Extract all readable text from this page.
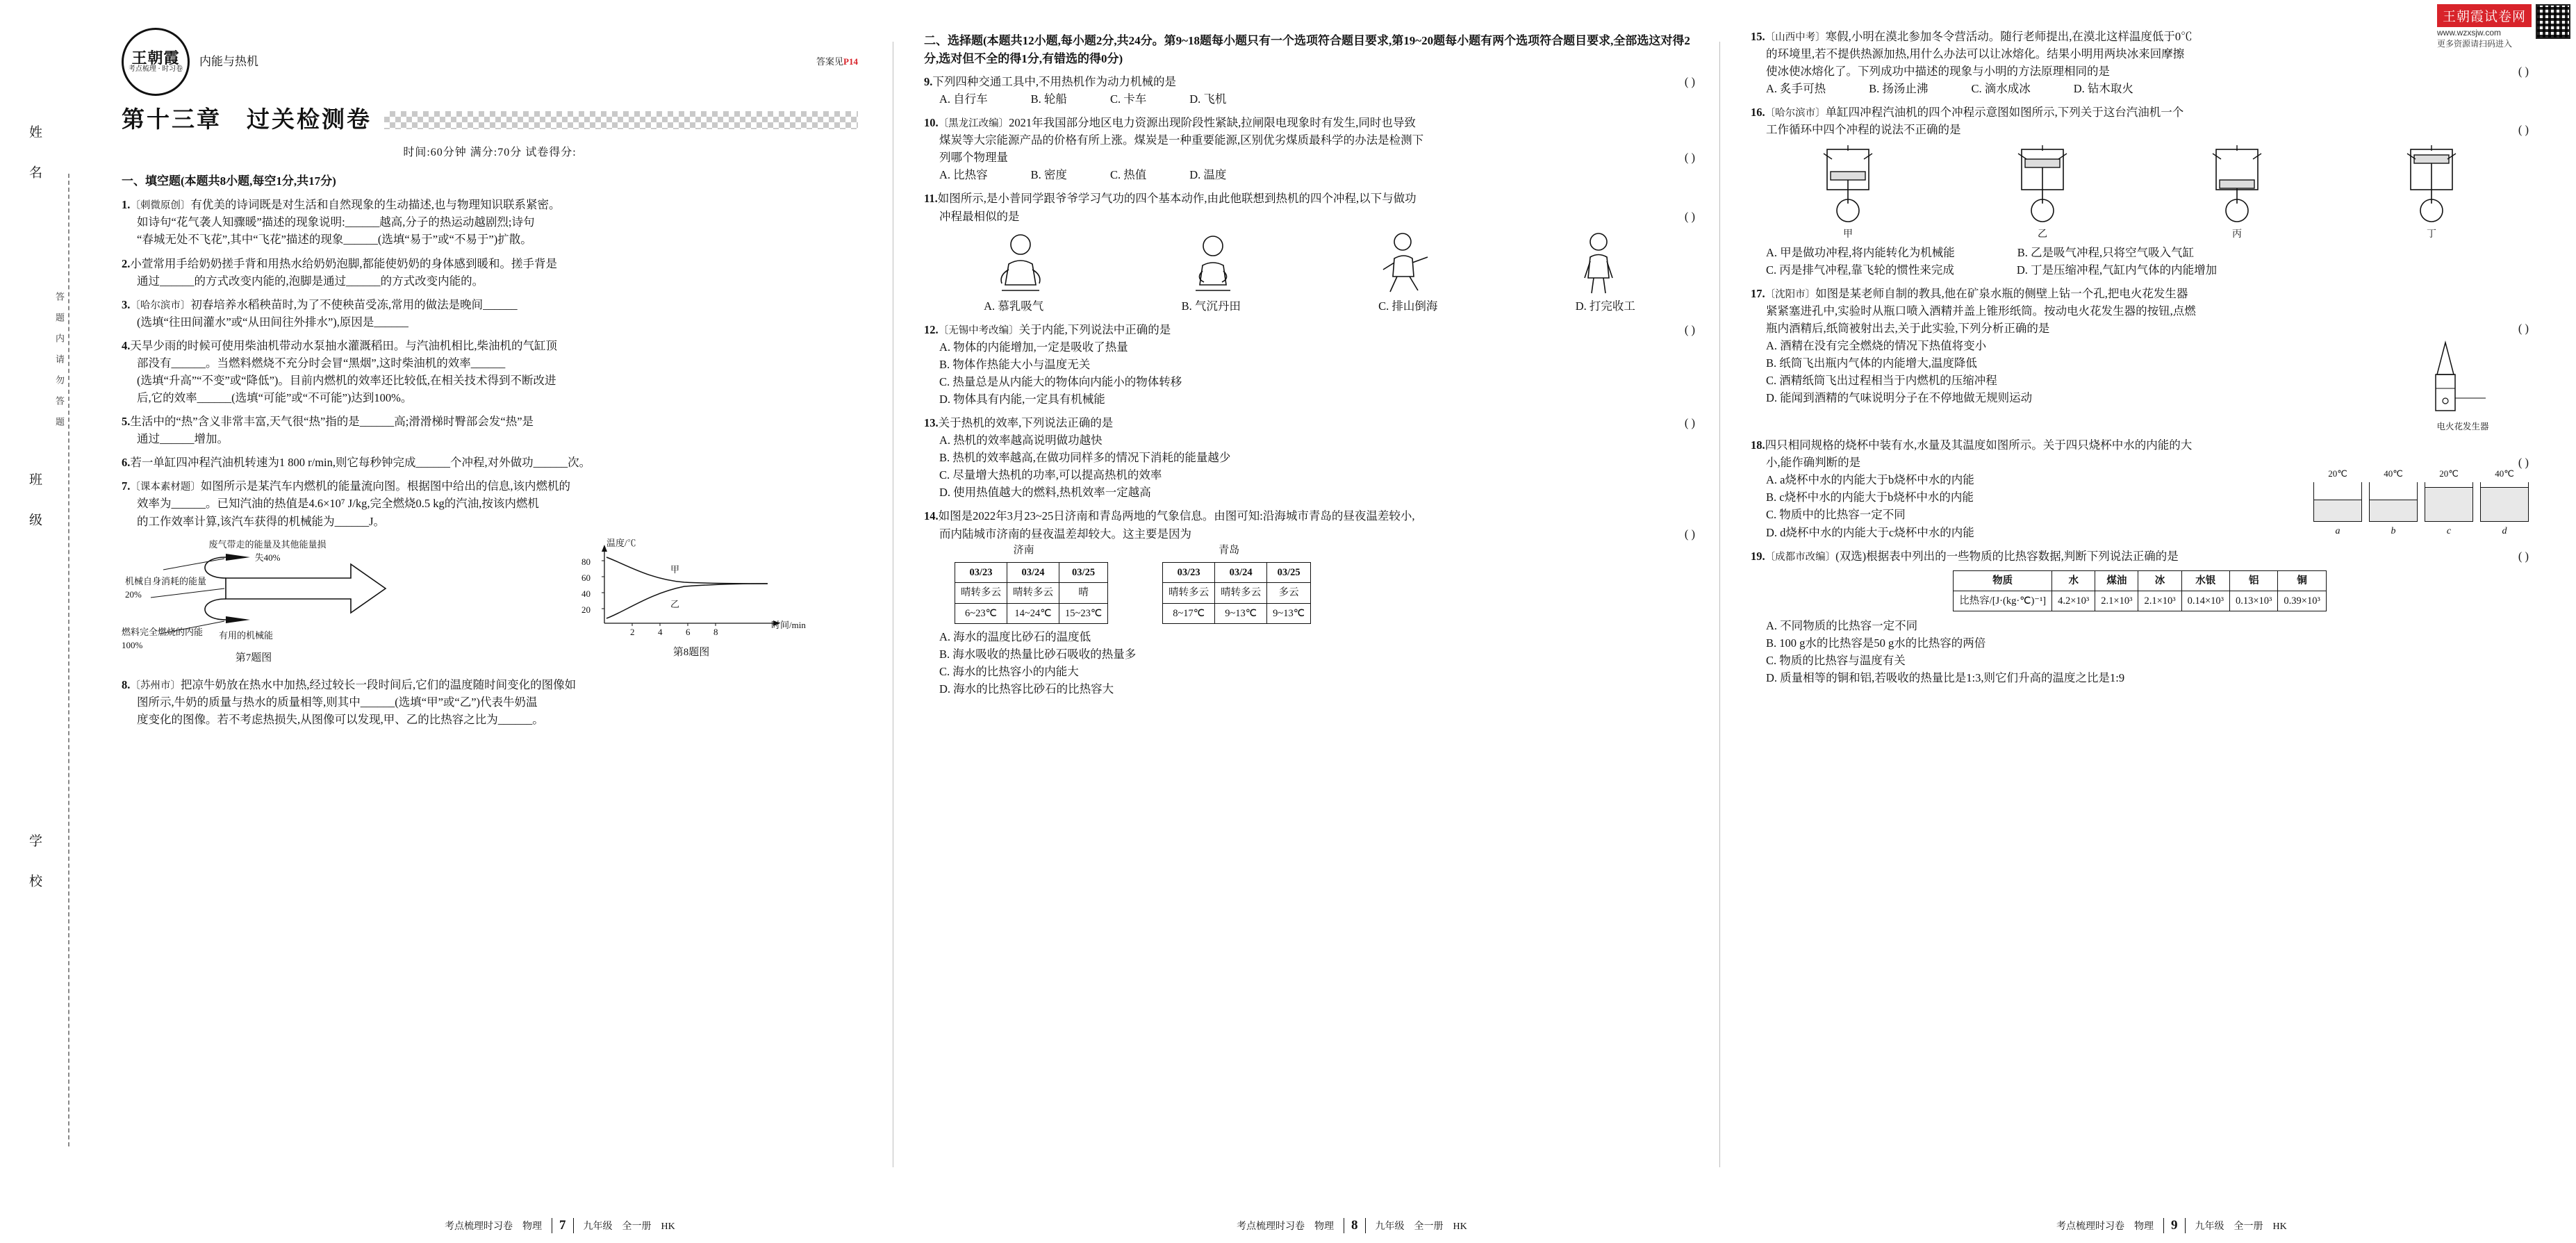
王朝霞试卷网
www.wzxsjw.com
更多资源请扫码进入
姓　名
班　级
学　校
答　题　内　请　勿　答　题
王朝霞
考点梳理 · 时习卷
内能与热机	答案见P14
第十三章　过关检测卷
时间:60分钟 满分:70分 试卷得分:
一、填空题(本题共8小题,每空1分,共17分)
1.〔刺微原创〕有优美的诗词既是对生活和自然现象的生动描述,也与物理知识联系紧密。
如诗句“花气袭人知骤暖”描述的现象说明:______越高,分子的热运动越剧烈;诗句
“春城无处不飞花”,其中“飞花”描述的现象______(选填“易于”或“不易于”)扩散。
2.小萱常用手给奶奶搓手背和用热水给奶奶泡脚,都能使奶奶的身体感到暖和。搓手背是
通过______的方式改变内能的,泡脚是通过______的方式改变内能的。
3.〔哈尔滨市〕初春培养水稻秧苗时,为了不使秧苗受冻,常用的做法是晚间______
(选填“往田间灌水”或“从田间往外排水”),原因是______
4.天旱少雨的时候可使用柴油机带动水泵抽水灌溉稻田。与汽油机相比,柴油机的气缸顶
部没有______。当燃料燃烧不充分时会冒“黑烟”,这时柴油机的效率______
(选填“升高”“不变”或“降低”)。目前内燃机的效率还比较低,在相关技术得到不断改进
后,它的效率______(选填“可能”或“不可能”)达到100%。
5.生活中的“热”含义非常丰富,天气很“热”指的是______高;滑滑梯时臀部会发“热”是
通过______增加。
6.若一单缸四冲程汽油机转速为1 800 r/min,则它每秒钟完成______个冲程,对外做功______次。
7.〔课本素材题〕如图所示是某汽车内燃机的能量流向图。根据图中给出的信息,该内燃机的
效率为______。已知汽油的热值是4.6×10⁷ J/kg,完全燃烧0.5 kg的汽油,按该内燃机
的工作效率计算,该汽车获得的机械能为______J。
废气带走的能量及其他能量损失40%
机械自身消耗的能量20%
燃料完全燃烧的内能100%
有用的机械能
第7题图
温度/℃
时间/min
80
60
40
20
2	4	6	8
甲
乙
第8题图
8.〔苏州市〕把凉牛奶放在热水中加热,经过较长一段时间后,它们的温度随时间变化的图像如
图所示,牛奶的质量与热水的质量相等,则其中______(选填“甲”或“乙”)代表牛奶温
度变化的图像。若不考虑热损失,从图像可以发现,甲、乙的比热容之比为______。
二、选择题(本题共12小题,每小题2分,共24分。第9~18题每小题只有一个选项符合题目要求,第19~20题每小题有两个选项符合题目要求,全部选这对得2分,选对但不全的得1分,有错选的得0分)
( )
9.下列四种交通工具中,不用热机作为动力机械的是
A. 自行车	B. 轮船	C. 卡车	D. 飞机
10.〔黑龙江改编〕2021年我国部分地区电力资源出现阶段性紧缺,拉闸限电现象时有发生,同时也导致
煤炭等大宗能源产品的价格有所上涨。煤炭是一种重要能源,区别优劣煤质最科学的办法是检测下
( )
列哪个物理量
A. 比热容	B. 密度	C. 热值	D. 温度
11.如图所示,是小普同学跟爷爷学习气功的四个基本动作,由此他联想到热机的四个冲程,以下与做功
( )
冲程最相似的是
A. 慕乳吸气	B. 气沉丹田	C. 排山倒海	D. 打完收工
( )
12.〔无锡中考改编〕关于内能,下列说法中正确的是
A. 物体的内能增加,一定是吸收了热量
B. 物体作热能大小与温度无关
C. 热量总是从内能大的物体向内能小的物体转移
D. 物体具有内能,一定具有机械能
( )
13.关于热机的效率,下列说法正确的是
A. 热机的效率越高说明做功越快
B. 热机的效率越高,在做功同样多的情况下消耗的能量越少
C. 尽量增大热机的功率,可以提高热机的效率
D. 使用热值越大的燃料,热机效率一定越高
14.如图是2022年3月23~25日济南和青岛两地的气象信息。由图可知:沿海城市青岛的昼夜温差较小,
( )
而内陆城市济南的昼夜温差却较大。这主要是因为
济南
03/23	03/24	03/25
晴转多云	晴转多云	晴
6~23℃	14~24℃	15~23℃
青岛
03/23	03/24	03/25
晴转多云	晴转多云	多云
8~17℃	9~13℃	9~13℃
A. 海水的温度比砂石的温度低
B. 海水吸收的热量比砂石吸收的热量多
C. 海水的比热容小的内能大
D. 海水的比热容比砂石的比热容大
15.〔山西中考〕寒假,小明在漠北参加冬令营活动。随行老师提出,在漠北这样温度低于0℃
的环境里,若不提供热源加热,用什么办法可以让冰熔化。结果小明用两块冰来回摩擦
( )
使冰使冰熔化了。下列成功中描述的现象与小明的方法原理相同的是
A. 炙手可热	B. 扬汤止沸	C. 滴水成冰	D. 钻木取火
16.〔哈尔滨市〕单缸四冲程汽油机的四个冲程示意图如图所示,下列关于这台汽油机一个
( )
工作循环中四个冲程的说法不正确的是
甲	乙	丙	丁
A. 甲是做功冲程,将内能转化为机械能	B. 乙是吸气冲程,只将空气吸入气缸
C. 丙是排气冲程,靠飞轮的惯性来完成	D. 丁是压缩冲程,气缸内气体的内能增加
17.〔沈阳市〕如图是某老师自制的教具,他在矿泉水瓶的侧壁上钻一个孔,把电火花发生器
紧紧塞进孔中,实验时从瓶口喷入酒精并盖上锥形纸筒。按动电火花发生器的按钮,点燃
( )
瓶内酒精后,纸筒被射出去,关于此实验,下列分析正确的是
电火花发生器
A. 酒精在没有完全燃烧的情况下热值将变小
B. 纸筒飞出瓶内气体的内能增大,温度降低
C. 酒精纸筒飞出过程相当于内燃机的压缩冲程
D. 能闻到酒精的气味说明分子在不停地做无规则运动
18.四只相同规格的烧杯中装有水,水量及其温度如图所示。关于四只烧杯中水的内能的大
( )
小,能作确判断的是
20℃
a
40℃
b
20℃
c
40℃
d
A. a烧杯中水的内能大于b烧杯中水的内能
B. c烧杯中水的内能大于b烧杯中水的内能
C. 物质中的比热容一定不同
D. d烧杯中水的内能大于c烧杯中水的内能
( )
19.〔成都市改编〕(双选)根据表中列出的一些物质的比热容数据,判断下列说法正确的是
物质	水	煤油	冰	水银	铝	铜
比热容/[J·(kg·℃)⁻¹]	4.2×10³	2.1×10³	2.1×10³	0.14×10³	0.13×10³	0.39×10³
A. 不同物质的比热容一定不同
B. 100 g水的比热容是50 g水的比热容的两倍
C. 物质的比热容与温度有关
D. 质量相等的铜和铝,若吸收的热量比是1:3,则它们升高的温度之比是1:9
考点梳理时习卷　物理	7	九年级　全一册　HK	考点梳理时习卷　物理	8	九年级　全一册　HK	考点梳理时习卷　物理	9	九年级　全一册　HK
